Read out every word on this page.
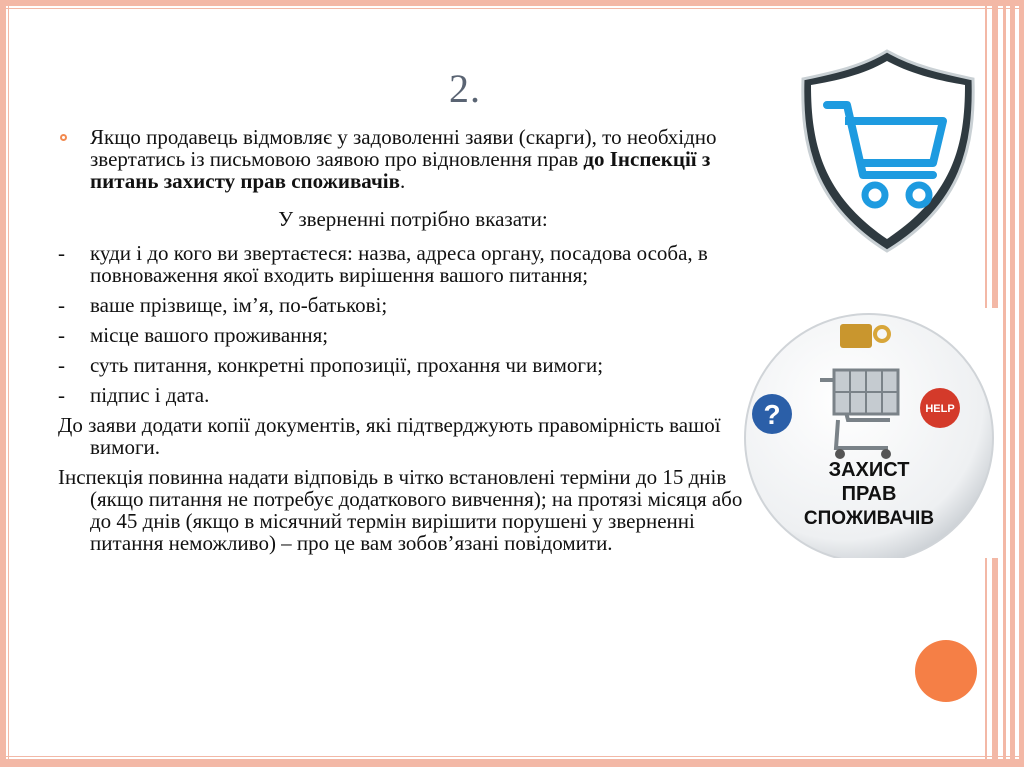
2.
Якщо продавець відмовляє у задоволенні заяви (скарги), то необхідно звертатись із письмовою заявою про відновлення прав до Інспекції з питань захисту прав споживачів.
У зверненні потрібно вказати:
- куди і до кого ви звертаєтеся: назва, адреса органу, посадова особа, в повноваження якої входить вирішення вашого питання;
- ваше прізвище, ім’я, по-батькові;
- місце вашого проживання;
- суть питання, конкретні пропозиції, прохання чи вимоги;
- підпис і дата.
До заяви додати копії документів, які підтверджують правомірність вашої вимоги.
Інспекція повинна надати відповідь в чітко встановлені терміни до 15 днів (якщо питання не потребує додаткового вивчення); на протязі місяця або до 45 днів (якщо в місячний термін вирішити порушені у зверненні питання неможливо) – про це вам зобов’язані повідомити.
?	HELP
ЗАХИСТ
ПРАВ
СПОЖИВАЧІВ
